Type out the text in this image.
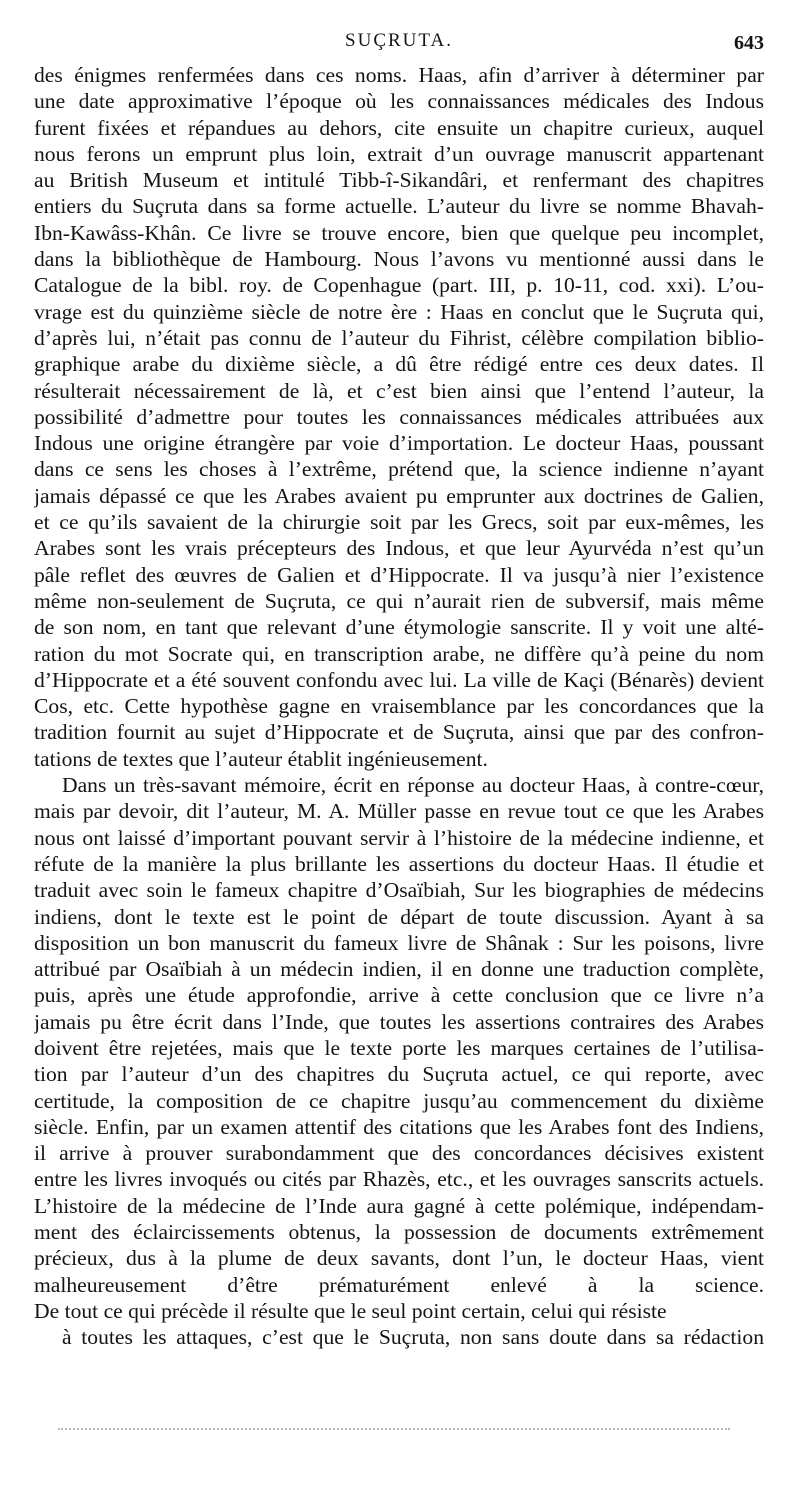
SUÇRUTA.	643
des énigmes renfermées dans ces noms. Haas, afin d’arriver à déterminer par
une date approximative l’époque où les connaissances médicales des Indous
furent fixées et répandues au dehors, cite ensuite un chapitre curieux, auquel
nous ferons un emprunt plus loin, extrait d’un ouvrage manuscrit appartenant
au British Museum et intitulé Tibb-î-Sikandâri, et renfermant des chapitres
entiers du Suçruta dans sa forme actuelle. L’auteur du livre se nomme Bhavah-
Ibn-Kawâss-Khân. Ce livre se trouve encore, bien que quelque peu incomplet,
dans la bibliothèque de Hambourg. Nous l’avons vu mentionné aussi dans le
Catalogue de la bibl. roy. de Copenhague (part. III, p. 10-11, cod. xxi). L’ou-
vrage est du quinzième siècle de notre ère : Haas en conclut que le Suçruta qui,
d’après lui, n’était pas connu de l’auteur du Fihrist, célèbre compilation biblio-
graphique arabe du dixième siècle, a dû être rédigé entre ces deux dates. Il
résulterait nécessairement de là, et c’est bien ainsi que l’entend l’auteur, la
possibilité d’admettre pour toutes les connaissances médicales attribuées aux
Indous une origine étrangère par voie d’importation. Le docteur Haas, poussant
dans ce sens les choses à l’extrême, prétend que, la science indienne n’ayant
jamais dépassé ce que les Arabes avaient pu emprunter aux doctrines de Galien,
et ce qu’ils savaient de la chirurgie soit par les Grecs, soit par eux-mêmes, les
Arabes sont les vrais précepteurs des Indous, et que leur Ayurvéda n’est qu’un
pâle reflet des œuvres de Galien et d’Hippocrate. Il va jusqu’à nier l’existence
même non-seulement de Suçruta, ce qui n’aurait rien de subversif, mais même
de son nom, en tant que relevant d’une étymologie sanscrite. Il y voit une alté-
ration du mot Socrate qui, en transcription arabe, ne diffère qu’à peine du nom
d’Hippocrate et a été souvent confondu avec lui. La ville de Kaçi (Bénarès) devient
Cos, etc. Cette hypothèse gagne en vraisemblance par les concordances que la
tradition fournit au sujet d’Hippocrate et de Suçruta, ainsi que par des confron-
tations de textes que l’auteur établit ingénieusement.
Dans un très-savant mémoire, écrit en réponse au docteur Haas, à contre-cœur,
mais par devoir, dit l’auteur, M. A. Müller passe en revue tout ce que les Arabes
nous ont laissé d’important pouvant servir à l’histoire de la médecine indienne, et
réfute de la manière la plus brillante les assertions du docteur Haas. Il étudie et
traduit avec soin le fameux chapitre d’Osaïbiah, Sur les biographies de médecins
indiens, dont le texte est le point de départ de toute discussion. Ayant à sa
disposition un bon manuscrit du fameux livre de Shânak : Sur les poisons, livre
attribué par Osaïbiah à un médecin indien, il en donne une traduction complète,
puis, après une étude approfondie, arrive à cette conclusion que ce livre n’a
jamais pu être écrit dans l’Inde, que toutes les assertions contraires des Arabes
doivent être rejetées, mais que le texte porte les marques certaines de l’utilisa-
tion par l’auteur d’un des chapitres du Suçruta actuel, ce qui reporte, avec
certitude, la composition de ce chapitre jusqu’au commencement du dixième
siècle. Enfin, par un examen attentif des citations que les Arabes font des Indiens,
il arrive à prouver surabondamment que des concordances décisives existent
entre les livres invoqués ou cités par Rhazès, etc., et les ouvrages sanscrits actuels.
L’histoire de la médecine de l’Inde aura gagné à cette polémique, indépendam-
ment des éclaircissements obtenus, la possession de documents extrêmement
précieux, dus à la plume de deux savants, dont l’un, le docteur Haas, vient
malheureusement d’être prématurément enlevé à la science.
De tout ce qui précède il résulte que le seul point certain, celui qui résiste
à toutes les attaques, c’est que le Suçruta, non sans doute dans sa rédaction
